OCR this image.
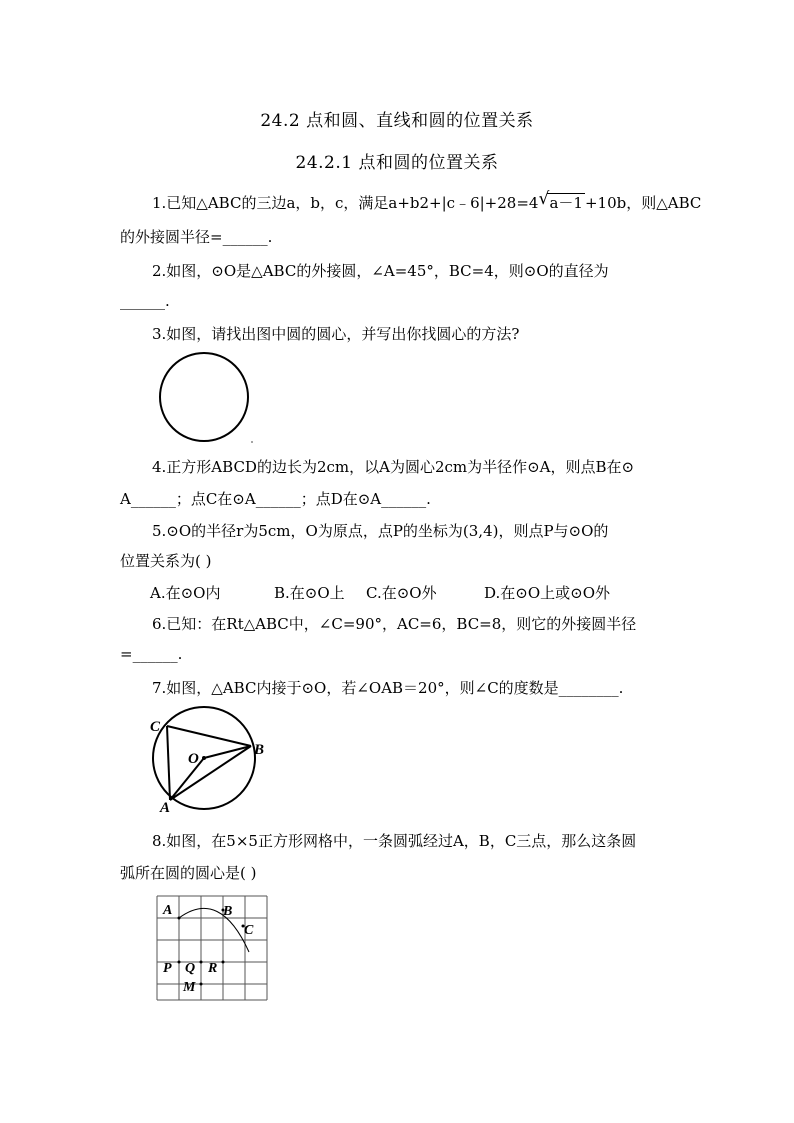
24.2 点和圆、直线和圆的位置关系
24.2.1 点和圆的位置关系
1.已知△ABC的三边a，b，c，满足a+b2+|c﹣6|+28=4 √ a－1 +10b，则△ABC
的外接圆半径=______.
2.如图，⊙O是△ABC的外接圆，∠A=45°，BC=4，则⊙O的直径为
______.
3.如图，请找出图中圆的圆心，并写出你找圆心的方法?
4.正方形ABCD的边长为2cm，以A为圆心2cm为半径作⊙A，则点B在⊙
A______；点C在⊙A______；点D在⊙A______.
5.⊙O的半径r为5cm，O为原点，点P的坐标为(3,4)，则点P与⊙O的
位置关系为( )
A.在⊙O内	B.在⊙O上 C.在⊙O外	D.在⊙O上或⊙O外
6.已知：在Rt△ABC中，∠C=90°，AC=6，BC=8，则它的外接圆半径
=______.
7.如图，△ABC内接于⊙O，若∠OAB＝20°，则∠C的度数是________.
C
O
B
A
8.如图，在5×5正方形网格中，一条圆弧经过A，B，C三点，那么这条圆
弧所在圆的圆心是( )
A	B
C
P Q R
M
